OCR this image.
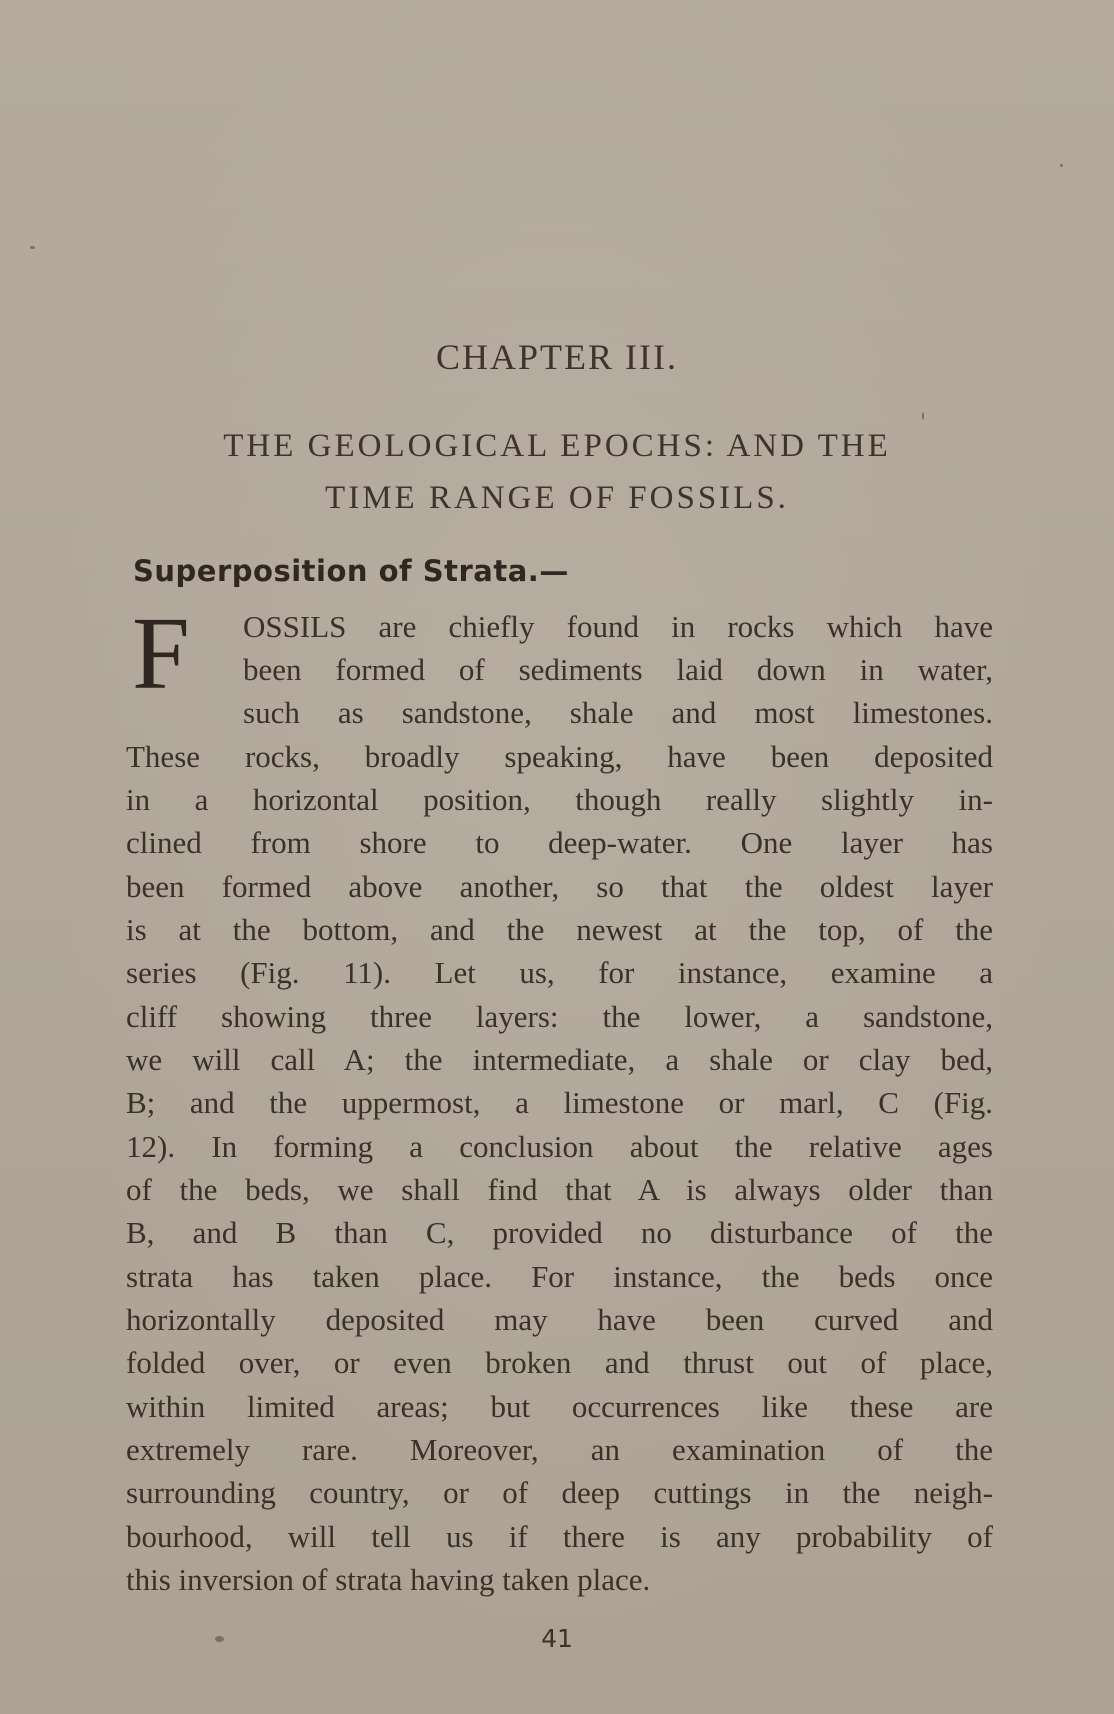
CHAPTER III.
THE GEOLOGICAL EPOCHS: AND THE
TIME RANGE OF FOSSILS.
Superposition of Strata.—
F OSSILS are chiefly found in rocks which have
been formed of sediments laid down in water,
such as sandstone, shale and most limestones.
These rocks, broadly speaking, have been deposited
in a horizontal position, though really slightly in-
clined from shore to deep-water. One layer has
been formed above another, so that the oldest layer
is at the bottom, and the newest at the top, of the
series (Fig. 11). Let us, for instance, examine a
cliff showing three layers: the lower, a sandstone,
we will call A; the intermediate, a shale or clay bed,
B; and the uppermost, a limestone or marl, C (Fig.
12). In forming a conclusion about the relative ages
of the beds, we shall find that A is always older than
B, and B than C, provided no disturbance of the
strata has taken place. For instance, the beds once
horizontally deposited may have been curved and
folded over, or even broken and thrust out of place,
within limited areas; but occurrences like these are
extremely rare. Moreover, an examination of the
surrounding country, or of deep cuttings in the neigh-
bourhood, will tell us if there is any probability of
this inversion of strata having taken place.
41
